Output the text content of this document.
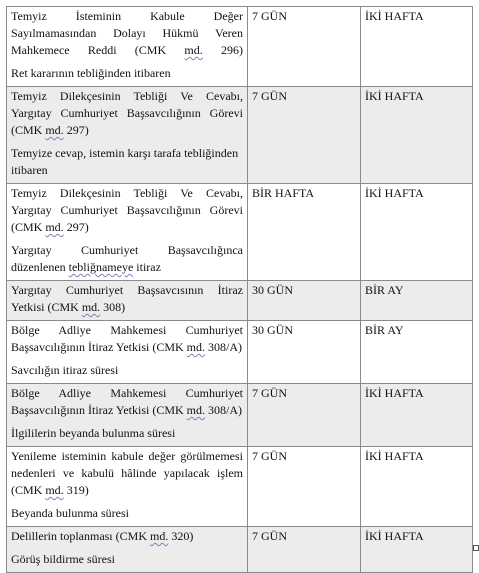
Temyiz İsteminin Kabule Değer Sayılmamasından Dolayı Hükmü Veren Mahkemece Reddi (CMK md. 296)
Ret kararının tebliğinden itibaren	7 GÜN	İKİ HAFTA

Temyiz Dilekçesinin Tebliği Ve Cevabı, Yargıtay Cumhuriyet Başsavcılığının Görevi (CMK md. 297)
Temyize cevap, istemin karşı tarafa tebliğinden itibaren	7 GÜN	İKİ HAFTA

Temyiz Dilekçesinin Tebliği Ve Cevabı, Yargıtay Cumhuriyet Başsavcılığının Görevi (CMK md. 297)
Yargıtay Cumhuriyet Başsavcılığınca düzenlenen tebliğnameye itiraz	BİR HAFTA	İKİ HAFTA

Yargıtay Cumhuriyet Başsavcısının İtiraz Yetkisi (CMK md. 308)	30 GÜN	BİR AY

Bölge Adliye Mahkemesi Cumhuriyet Başsavcılığının İtiraz Yetkisi (CMK md. 308/A)
Savcılığın itiraz süresi	30 GÜN	BİR AY

Bölge Adliye Mahkemesi Cumhuriyet Başsavcılığının İtiraz Yetkisi (CMK md. 308/A)
İlgililerin beyanda bulunma süresi	7 GÜN	İKİ HAFTA

Yenileme isteminin kabule değer görülmemesi nedenleri ve kabulü hâlinde yapılacak işlem (CMK md. 319)
Beyanda bulunma süresi	7 GÜN	İKİ HAFTA

Delillerin toplanması (CMK md. 320)
Görüş bildirme süresi	7 GÜN	İKİ HAFTA
